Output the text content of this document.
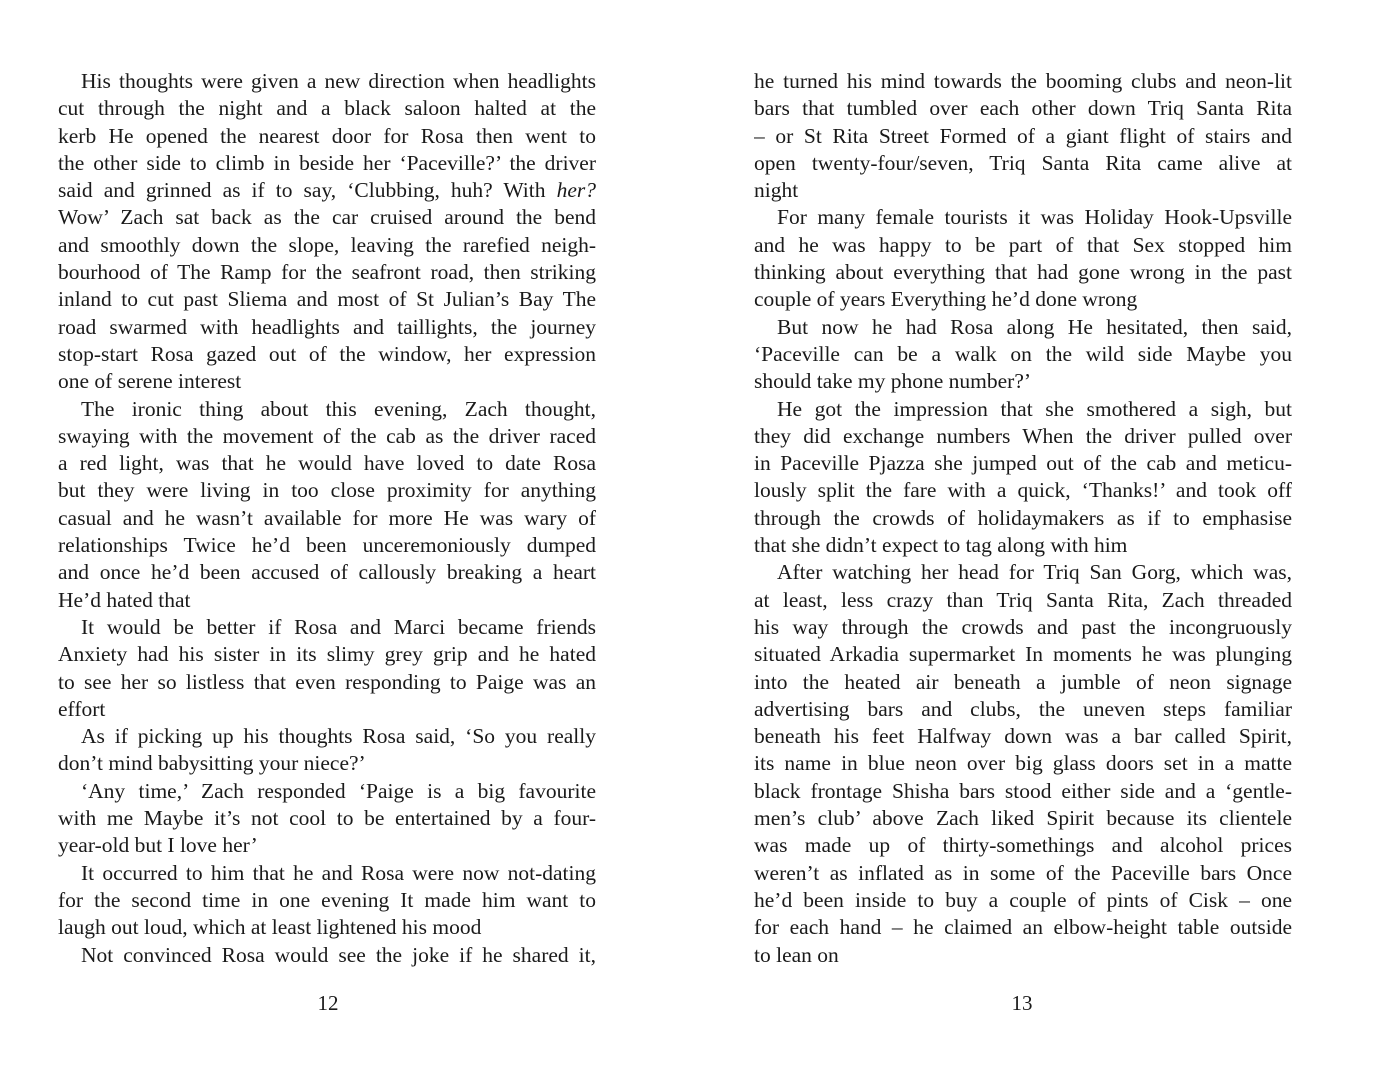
His thoughts were given a new direction when headlights
cut through the night and a black saloon halted at the
kerb He opened the nearest door for Rosa then went to
the other side to climb in beside her ‘Paceville?’ the driver
said and grinned as if to say, ‘Clubbing, huh? With her?
Wow’ Zach sat back as the car cruised around the bend
and smoothly down the slope, leaving the rarefied neigh-
bourhood of The Ramp for the seafront road, then striking
inland to cut past Sliema and most of St Julian’s Bay The
road swarmed with headlights and taillights, the journey
stop-start Rosa gazed out of the window, her expression
one of serene interest
The ironic thing about this evening, Zach thought,
swaying with the movement of the cab as the driver raced
a red light, was that he would have loved to date Rosa
but they were living in too close proximity for anything
casual and he wasn’t available for more He was wary of
relationships Twice he’d been unceremoniously dumped
and once he’d been accused of callously breaking a heart
He’d hated that
It would be better if Rosa and Marci became friends
Anxiety had his sister in its slimy grey grip and he hated
to see her so listless that even responding to Paige was an
effort
As if picking up his thoughts Rosa said, ‘So you really
don’t mind babysitting your niece?’
‘Any time,’ Zach responded ‘Paige is a big favourite
with me Maybe it’s not cool to be entertained by a four-
year-old but I love her’
It occurred to him that he and Rosa were now not-dating
for the second time in one evening It made him want to
laugh out loud, which at least lightened his mood
Not convinced Rosa would see the joke if he shared it,
12
he turned his mind towards the booming clubs and neon-lit
bars that tumbled over each other down Triq Santa Rita
– or St Rita Street Formed of a giant flight of stairs and
open twenty-four/seven, Triq Santa Rita came alive at
night
For many female tourists it was Holiday Hook-Upsville
and he was happy to be part of that Sex stopped him
thinking about everything that had gone wrong in the past
couple of years Everything he’d done wrong
But now he had Rosa along He hesitated, then said,
‘Paceville can be a walk on the wild side Maybe you
should take my phone number?’
He got the impression that she smothered a sigh, but
they did exchange numbers When the driver pulled over
in Paceville Pjazza she jumped out of the cab and meticu-
lously split the fare with a quick, ‘Thanks!’ and took off
through the crowds of holidaymakers as if to emphasise
that she didn’t expect to tag along with him
After watching her head for Triq San Gorg, which was,
at least, less crazy than Triq Santa Rita, Zach threaded
his way through the crowds and past the incongruously
situated Arkadia supermarket In moments he was plunging
into the heated air beneath a jumble of neon signage
advertising bars and clubs, the uneven steps familiar
beneath his feet Halfway down was a bar called Spirit,
its name in blue neon over big glass doors set in a matte
black frontage Shisha bars stood either side and a ‘gentle-
men’s club’ above Zach liked Spirit because its clientele
was made up of thirty-somethings and alcohol prices
weren’t as inflated as in some of the Paceville bars Once
he’d been inside to buy a couple of pints of Cisk – one
for each hand – he claimed an elbow-height table outside
to lean on
13
